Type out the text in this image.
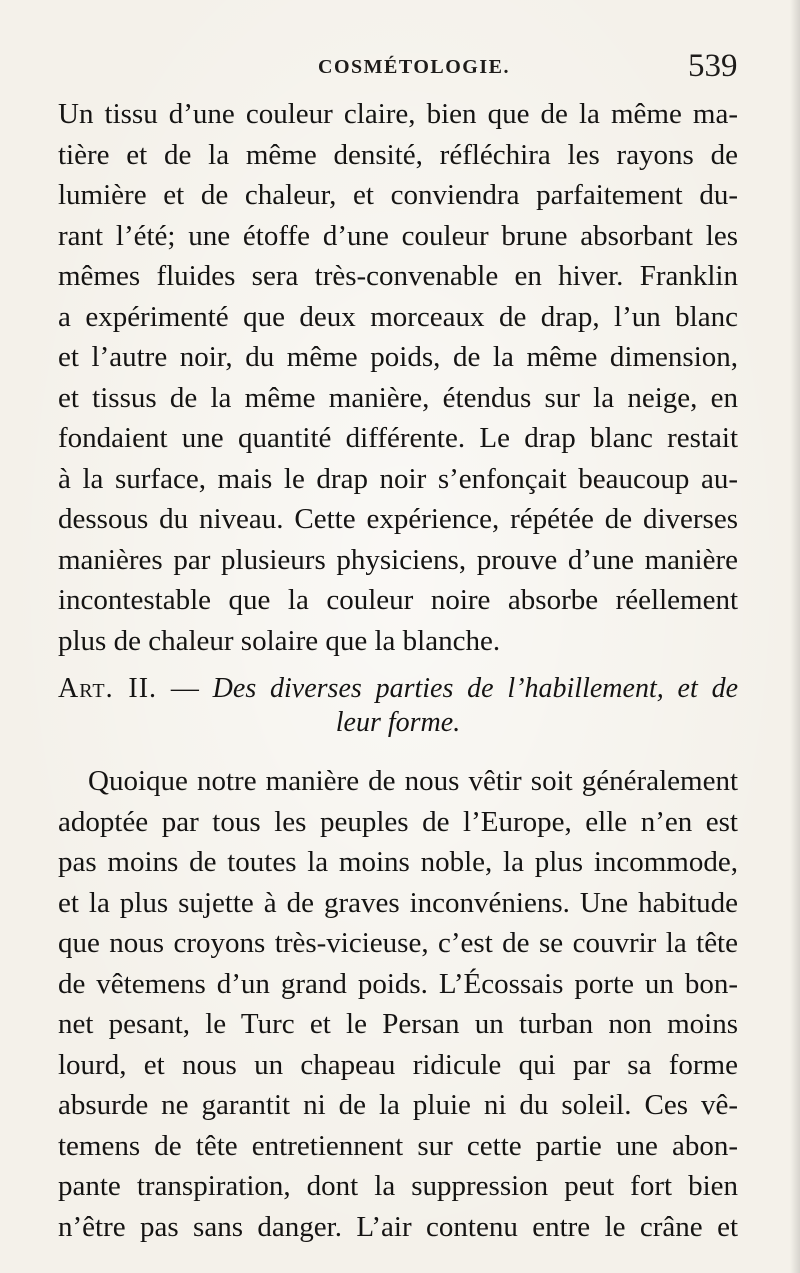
COSMÉTOLOGIE.	539
Un tissu d’une couleur claire, bien que de la même ma-
tière et de la même densité, réfléchira les rayons de
lumière et de chaleur, et conviendra parfaitement du-
rant l’été; une étoffe d’une couleur brune absorbant les
mêmes fluides sera très-convenable en hiver. Franklin
a expérimenté que deux morceaux de drap, l’un blanc
et l’autre noir, du même poids, de la même dimension,
et tissus de la même manière, étendus sur la neige, en
fondaient une quantité différente. Le drap blanc restait
à la surface, mais le drap noir s’enfonçait beaucoup au-
dessous du niveau. Cette expérience, répétée de diverses
manières par plusieurs physiciens, prouve d’une manière
incontestable que la couleur noire absorbe réellement
plus de chaleur solaire que la blanche.
Art. II. — Des diverses parties de l’habillement, et de
leur forme.
Quoique notre manière de nous vêtir soit généralement
adoptée par tous les peuples de l’Europe, elle n’en est
pas moins de toutes la moins noble, la plus incommode,
et la plus sujette à de graves inconvéniens. Une habitude
que nous croyons très-vicieuse, c’est de se couvrir la tête
de vêtemens d’un grand poids. L’Écossais porte un bon-
net pesant, le Turc et le Persan un turban non moins
lourd, et nous un chapeau ridicule qui par sa forme
absurde ne garantit ni de la pluie ni du soleil. Ces vê-
temens de tête entretiennent sur cette partie une abon-
pante transpiration, dont la suppression peut fort bien
n’être pas sans danger. L’air contenu entre le crâne et
